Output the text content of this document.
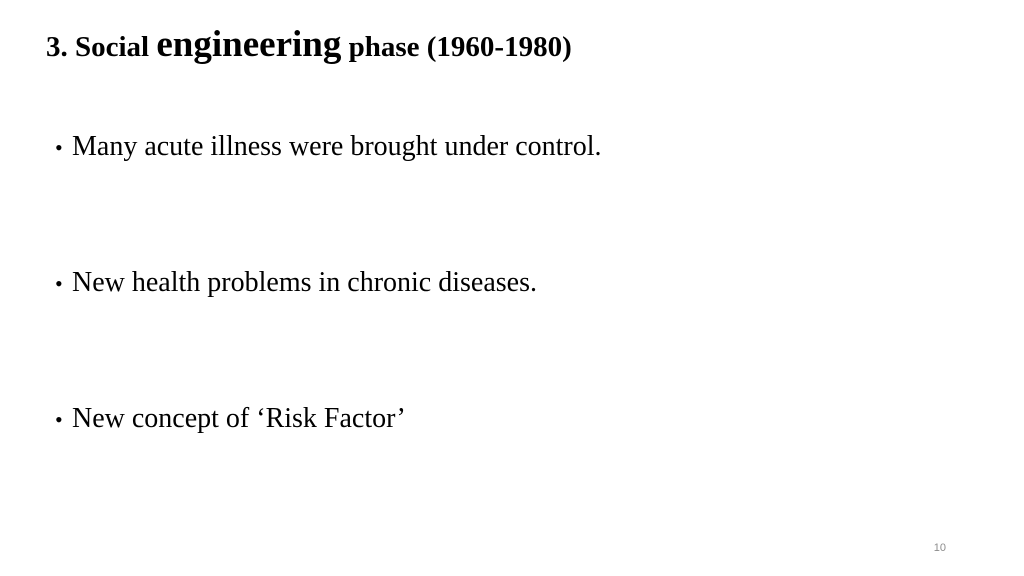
3. Social engineering phase (1960-1980)
• Many acute illness were brought under control.
• New health problems in chronic diseases.
• New concept of ‘Risk Factor’
10
